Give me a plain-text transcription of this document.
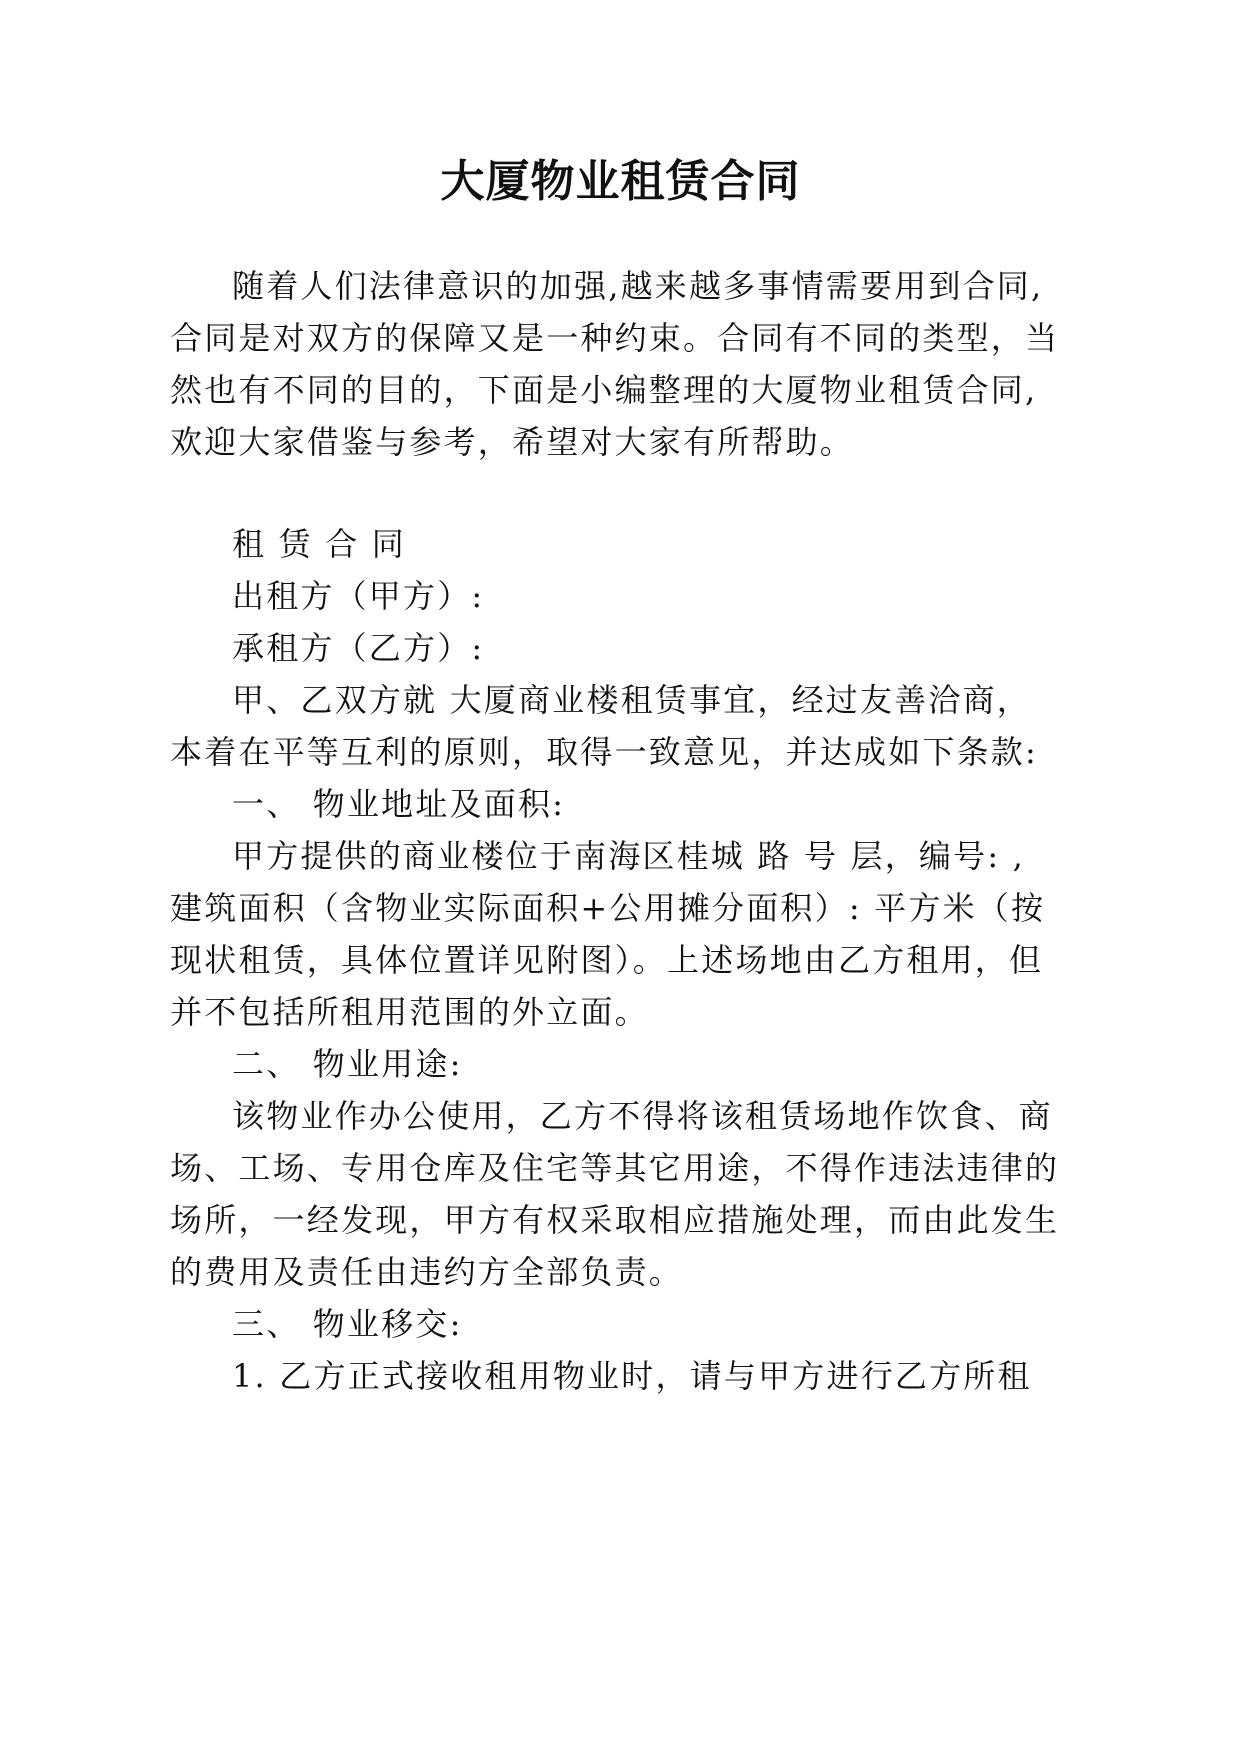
大厦物业租赁合同
随着人们法律意识的加强,越来越多事情需要用到合同,
合同是对双方的保障又是一种约束。合同有不同的类型，当
然也有不同的目的，下面是小编整理的大厦物业租赁合同,
欢迎大家借鉴与参考，希望对大家有所帮助。
租 赁 合 同
出租方（甲方）:
承租方（乙方）:
甲、乙双方就 大厦商业楼租赁事宜，经过友善洽商，
本着在平等互利的原则，取得一致意见，并达成如下条款:
一、 物业地址及面积:
甲方提供的商业楼位于南海区桂城 路 号 层，编号: ,
建筑面积（含物业实际面积+公用摊分面积）: 平方米（按
现状租赁，具体位置详见附图）。上述场地由乙方租用，但
并不包括所租用范围的外立面。
二、 物业用途:
该物业作办公使用，乙方不得将该租赁场地作饮食、商
场、工场、专用仓库及住宅等其它用途，不得作违法违律的
场所，一经发现，甲方有权采取相应措施处理，而由此发生
的费用及责任由违约方全部负责。
三、 物业移交:
1. 乙方正式接收租用物业时，请与甲方进行乙方所租
